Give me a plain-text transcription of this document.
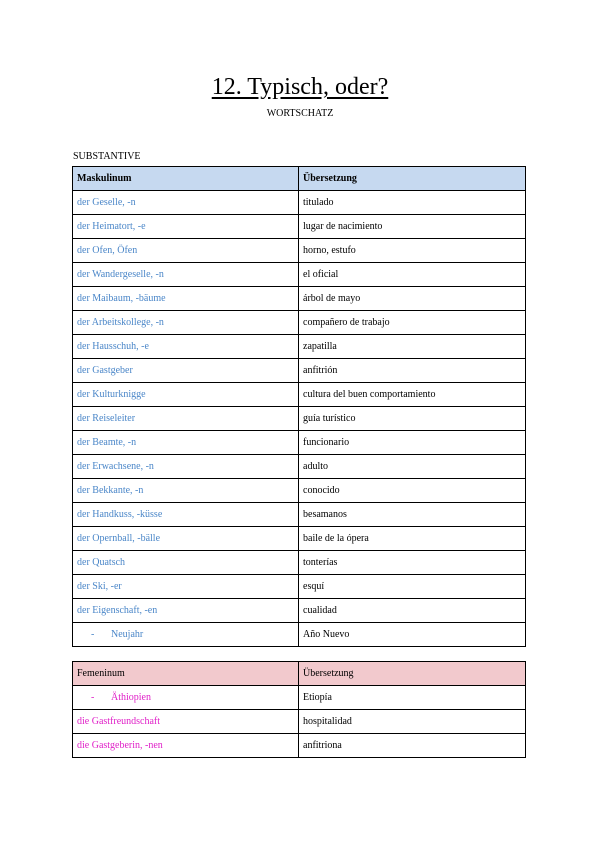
12. Typisch, oder?
WORTSCHATZ
SUBSTANTIVE
Maskulinum	Übersetzung
der Geselle, -n	titulado
der Heimatort, -e	lugar de nacimiento
der Ofen, Öfen	horno, estufo
der Wandergeselle, -n	el oficial
der Maibaum, -bäume	árbol de mayo
der Arbeitskollege, -n	compañero de trabajo
der Hausschuh, -e	zapatilla
der Gastgeber	anfitrión
der Kulturknigge	cultura del buen comportamiento
der Reiseleiter	guía turístico
der Beamte, -n	funcionario
der Erwachsene, -n	adulto
der Bekkante, -n	conocido
der Handkuss, -küsse	besamanos
der Opernball, -bälle	baile de la ópera
der Quatsch	tonterías
der Ski, -er	esquí
der Eigenschaft, -en	cualidad
- Neujahr	Año Nuevo
Femeninum	Übersetzung
- Äthiopien	Etiopía
die Gastfreundschaft	hospitalidad
die Gastgeberin, -nen	anfitriona
